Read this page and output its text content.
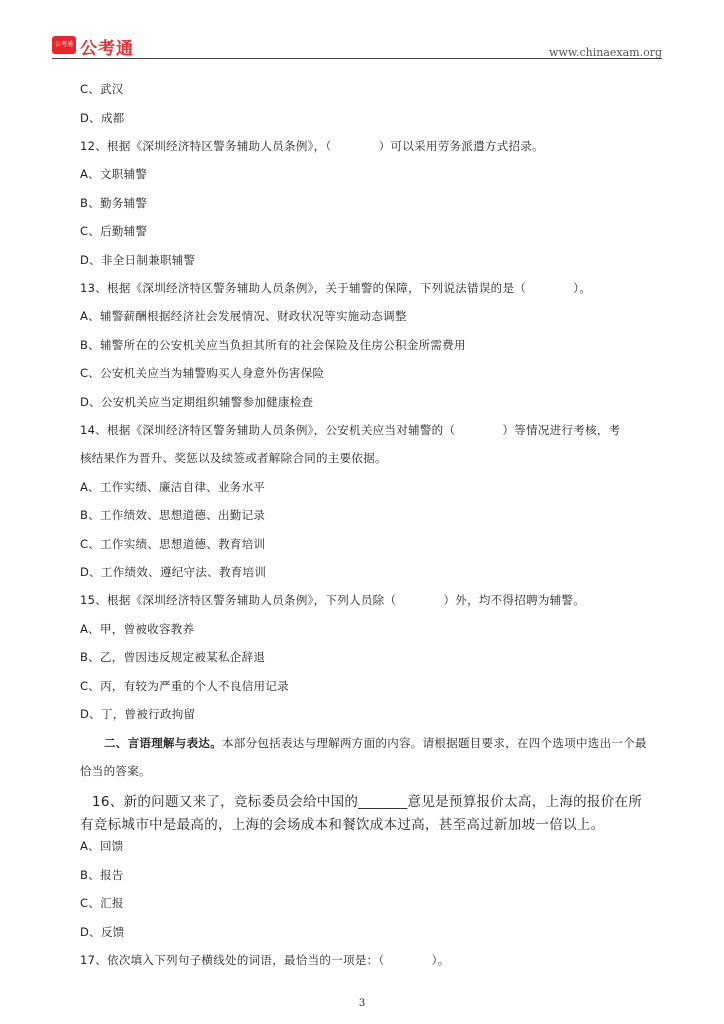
公考通 公考通	www.chinaexam.org
C、武汉
D、成都
12、根据《深圳经济特区警务辅助人员条例》，（　　　　）可以采用劳务派遣方式招录。
A、文职辅警
B、勤务辅警
C、后勤辅警
D、非全日制兼职辅警
13、根据《深圳经济特区警务辅助人员条例》，关于辅警的保障，下列说法错误的是（　　　　）。
A、辅警薪酬根据经济社会发展情况、财政状况等实施动态调整
B、辅警所在的公安机关应当负担其所有的社会保险及住房公积金所需费用
C、公安机关应当为辅警购买人身意外伤害保险
D、公安机关应当定期组织辅警参加健康检查
14、根据《深圳经济特区警务辅助人员条例》，公安机关应当对辅警的（　　　　）等情况进行考核，考
核结果作为晋升、奖惩以及续签或者解除合同的主要依据。
A、工作实绩、廉洁自律、业务水平
B、工作绩效、思想道德、出勤记录
C、工作实绩、思想道德、教育培训
D、工作绩效、遵纪守法、教育培训
15、根据《深圳经济特区警务辅助人员条例》，下列人员除（　　　　）外，均不得招聘为辅警。
A、甲，曾被收容教养
B、乙，曾因违反规定被某私企辞退
C、丙，有较为严重的个人不良信用记录
D、丁，曾被行政拘留
二、言语理解与表达。本部分包括表达与理解两方面的内容。请根据题目要求，在四个选项中选出一个最
恰当的答案。
16、新的问题又来了，竞标委员会给中国的_______意见是预算报价太高，上海的报价在所
有竞标城市中是最高的，上海的会场成本和餐饮成本过高，甚至高过新加坡一倍以上。
A、回馈
B、报告
C、汇报
D、反馈
17、依次填入下列句子横线处的词语，最恰当的一项是：（　　　　）。
3
